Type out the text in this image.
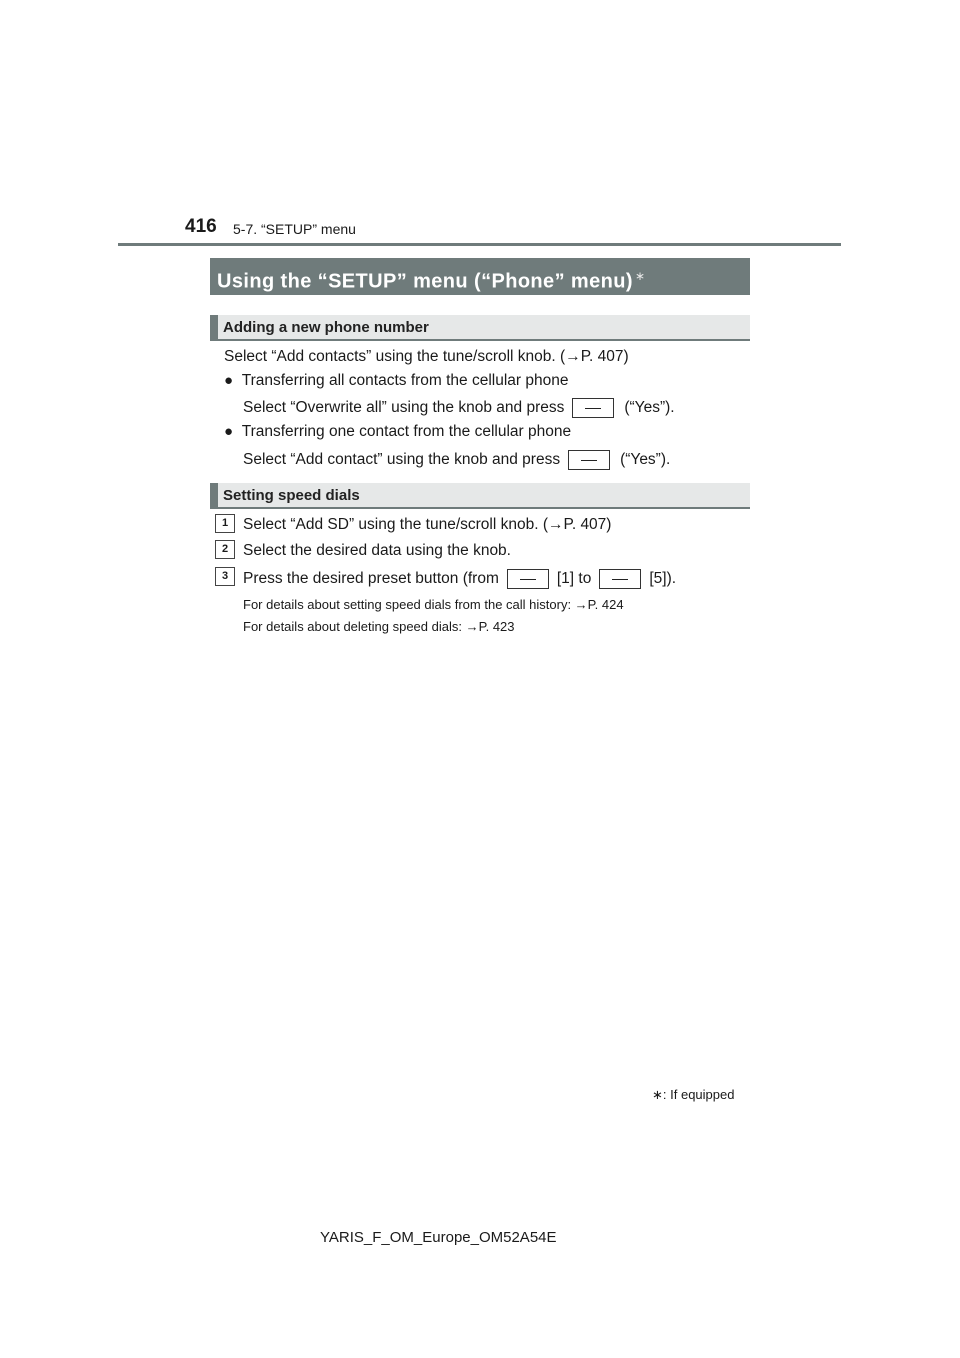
416 5-7. “SETUP” menu
Using the “SETUP” menu (“Phone” menu) ∗
Adding a new phone number
Select “Add contacts” using the tune/scroll knob. (→P. 407)
● Transferring all contacts from the cellular phone
Select “Overwrite all” using the knob and press	(“Yes”).
● Transferring one contact from the cellular phone
Select “Add contact” using the knob and press	(“Yes”).
Setting speed dials
1 Select “Add SD” using the tune/scroll knob. (→P. 407)
2 Select the desired data using the knob.
3 Press the desired preset button (from	[1] to	[5]).
For details about setting speed dials from the call history: →P. 424
For details about deleting speed dials: →P. 423
∗: If equipped
YARIS_F_OM_Europe_OM52A54E
